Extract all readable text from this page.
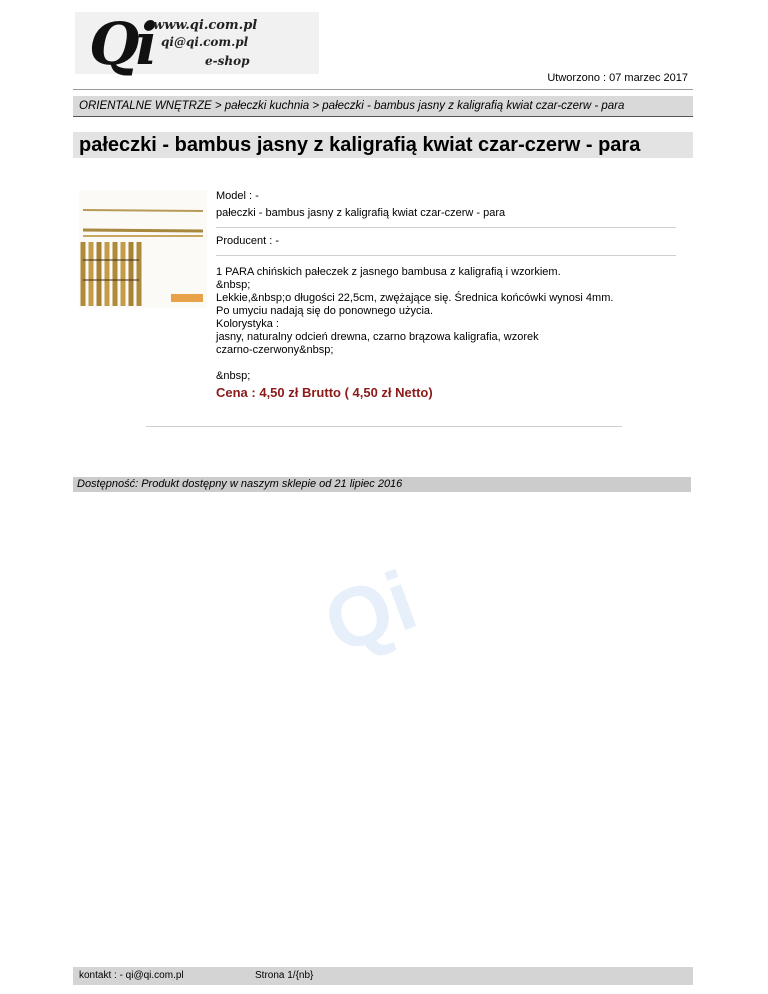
Qi www.qi.com.pl
qi@qi.com.pl
e-shop
Utworzono : 07 marzec 2017
ORIENTALNE WNĘTRZE > pałeczki kuchnia > pałeczki - bambus jasny z kaligrafią kwiat czar-czerw - para
pałeczki - bambus jasny z kaligrafią kwiat czar-czerw - para

Model : -

pałeczki - bambus jasny z kaligrafią kwiat czar-czerw - para

Producent : -

1 PARA chińskich pałeczek z jasnego bambusa z kaligrafią i wzorkiem.
&nbsp;
Lekkie,&nbsp;o długości 22,5cm, zwężające się. Średnica końcówki wynosi 4mm.
Po umyciu nadają się do ponownego użycia.
Kolorystyka :
jasny, naturalny odcień drewna, czarno brązowa kaligrafia, wzorek
czarno-czerwony&nbsp;
&nbsp;
Cena : 4,50 zł Brutto ( 4,50 zł Netto)
Dostępność: Produkt dostępny w naszym sklepie od 21 lipiec 2016
Qi
kontakt : - qi@qi.com.pl	Strona 1/{nb}
